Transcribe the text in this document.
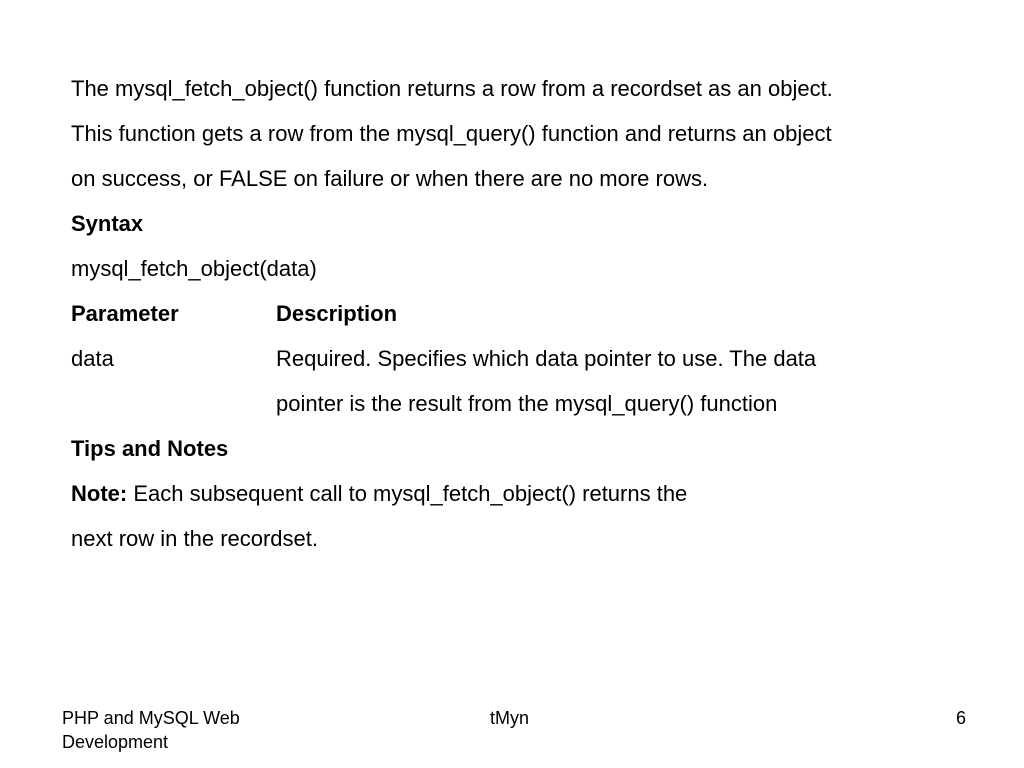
The mysql_fetch_object() function returns a row from a recordset as an object.
This function gets a row from the mysql_query() function and returns an object
on success, or FALSE on failure or when there are no more rows.
Syntax
mysql_fetch_object(data)
Parameter	Description
data	Required. Specifies which data pointer to use. The data
pointer is the result from the mysql_query() function
Tips and Notes
Note: Each subsequent call to mysql_fetch_object() returns the
next row in the recordset.
PHP and MySQL Web Development
tMyn	6
